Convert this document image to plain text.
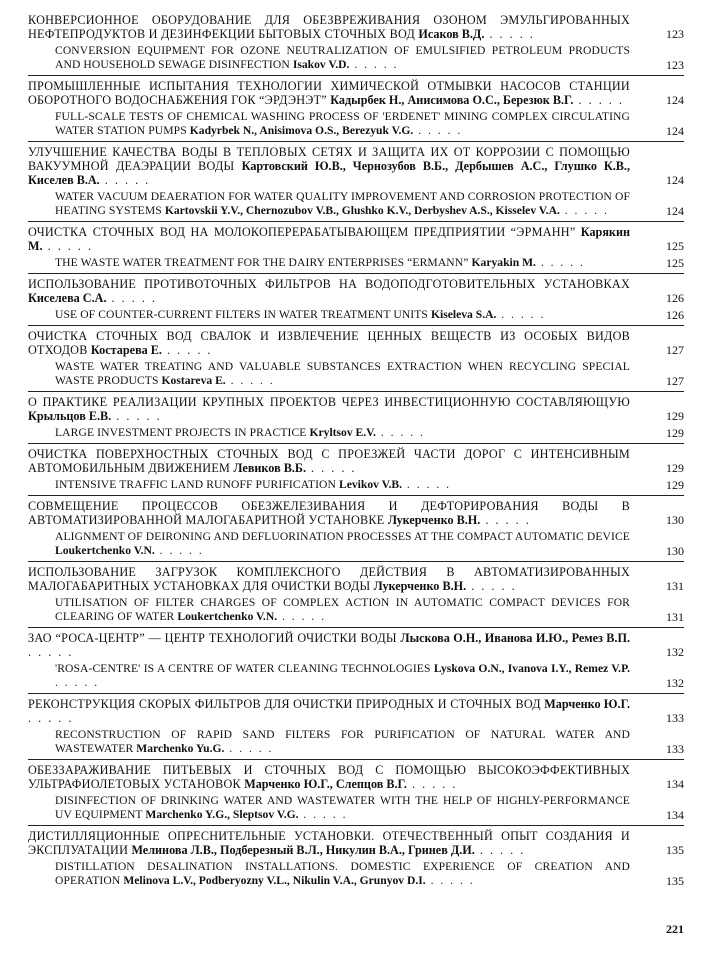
КОНВЕРСИОННОЕ ОБОРУДОВАНИЕ ДЛЯ ОБЕЗВРЕЖИВАНИЯ ОЗОНОМ ЭМУЛЬГИРОВАННЫХ НЕФТЕПРОДУКТОВ И ДЕЗИНФЕКЦИИ БЫТОВЫХ СТОЧНЫХ ВОД Исаков В.Д. . . . . .	123
CONVERSION EQUIPMENT FOR OZONE NEUTRALIZATION OF EMULSIFIED PETROLEUM PRODUCTS AND HOUSEHOLD SEWAGE DISINFECTION Isakov V.D. . . . . .	123
ПРОМЫШЛЕННЫЕ ИСПЫТАНИЯ ТЕХНОЛОГИИ ХИМИЧЕСКОЙ ОТМЫВКИ НАСОСОВ СТАНЦИИ ОБОРОТНОГО ВОДОСНАБЖЕНИЯ ГОК “ЭРДЭНЭТ” Кадырбек Н., Анисимова О.С., Березюк В.Г. . . . . .	124
FULL-SCALE TESTS OF CHEMICAL WASHING PROCESS OF 'ERDENET' MINING COMPLEX CIRCULATING WATER STATION PUMPS Kadyrbek N., Anisimova O.S., Berezyuk V.G. . . . . .	124
УЛУЧШЕНИЕ КАЧЕСТВА ВОДЫ В ТЕПЛОВЫХ СЕТЯХ И ЗАЩИТА ИХ ОТ КОРРОЗИИ С ПОМОЩЬЮ ВАКУУМНОЙ ДЕАЭРАЦИИ ВОДЫ Картовский Ю.В., Чернозубов В.Б., Дербышев А.С., Глушко К.В., Киселев В.А. . . . . .	124
WATER VACUUM DEAERATION FOR WATER QUALITY IMPROVEMENT AND CORROSION PROTECTION OF HEATING SYSTEMS Kartovskii Y.V., Chernozubov V.B., Glushko K.V., Derbyshev A.S., Kisselev V.A. . . . . .	124
ОЧИСТКА СТОЧНЫХ ВОД НА МОЛОКОПЕРЕРАБАТЫВАЮЩЕМ ПРЕДПРИЯТИИ “ЭРМАНН” Карякин М. . . . . .	125
THE WASTE WATER TREATMENT FOR THE DAIRY ENTERPRISES “ERMANN” Karyakin M. . . . . .	125
ИСПОЛЬЗОВАНИЕ ПРОТИВОТОЧНЫХ ФИЛЬТРОВ НА ВОДОПОДГОТОВИТЕЛЬНЫХ УСТАНОВКАХ Киселева С.А. . . . . .	126
USE OF COUNTER-CURRENT FILTERS IN WATER TREATMENT UNITS Kiseleva S.A. . . . . .	126
ОЧИСТКА СТОЧНЫХ ВОД СВАЛОК И ИЗВЛЕЧЕНИЕ ЦЕННЫХ ВЕЩЕСТВ ИЗ ОСОБЫХ ВИДОВ ОТХОДОВ Костарева Е. . . . . .	127
WASTE WATER TREATING AND VALUABLE SUBSTANCES EXTRACTION WHEN RECYCLING SPECIAL WASTE PRODUCTS Kostareva E. . . . . .	127
О ПРАКТИКЕ РЕАЛИЗАЦИИ КРУПНЫХ ПРОЕКТОВ ЧЕРЕЗ ИНВЕСТИЦИОННУЮ СОСТАВЛЯЮЩУЮ Крыльцов Е.В. . . . . .	129
LARGE INVESTMENT PROJECTS IN PRACTICE Kryltsov E.V. . . . . .	129
ОЧИСТКА ПОВЕРХНОСТНЫХ СТОЧНЫХ ВОД С ПРОЕЗЖЕЙ ЧАСТИ ДОРОГ С ИНТЕНСИВНЫМ АВТОМОБИЛЬНЫМ ДВИЖЕНИЕМ Левиков В.Б. . . . . .	129
INTENSIVE TRAFFIC LAND RUNOFF PURIFICATION Levikov V.B. . . . . .	129
СОВМЕЩЕНИЕ ПРОЦЕССОВ ОБЕЗЖЕЛЕЗИВАНИЯ И ДЕФТОРИРОВАНИЯ ВОДЫ В АВТОМАТИЗИРОВАННОЙ МАЛОГАБАРИТНОЙ УСТАНОВКЕ Лукерченко В.Н. . . . . .	130
ALIGNMENT OF DEIRONING AND DEFLUORINATION PROCESSES AT THE COMPACT AUTOMATIC DEVICE Loukertchenko V.N. . . . . .	130
ИСПОЛЬЗОВАНИЕ ЗАГРУЗОК КОМПЛЕКСНОГО ДЕЙСТВИЯ В АВТОМАТИЗИРОВАННЫХ МАЛОГАБАРИТНЫХ УСТАНОВКАХ ДЛЯ ОЧИСТКИ ВОДЫ Лукерченко В.Н. . . . . .	131
UTILISATION OF FILTER CHARGES OF COMPLEX ACTION IN AUTOMATIC COMPACT DEVICES FOR CLEARING OF WATER Loukertchenko V.N. . . . . .	131
ЗАО “РОСА-ЦЕНТР” — ЦЕНТР ТЕХНОЛОГИЙ ОЧИСТКИ ВОДЫ Лыскова О.Н., Иванова И.Ю., Ремез В.П. . . . . .	132
'ROSA-CENTRE' IS A CENTRE OF WATER CLEANING TECHNOLOGIES Lyskova O.N., Ivanova I.Y., Remez V.P. . . . . .	132
РЕКОНСТРУКЦИЯ СКОРЫХ ФИЛЬТРОВ ДЛЯ ОЧИСТКИ ПРИРОДНЫХ И СТОЧНЫХ ВОД Марченко Ю.Г. . . . . .	133
RECONSTRUCTION OF RAPID SAND FILTERS FOR PURIFICATION OF NATURAL WATER AND WASTEWATER Marchenko Yu.G. . . . . .	133
ОБЕЗЗАРАЖИВАНИЕ ПИТЬЕВЫХ И СТОЧНЫХ ВОД С ПОМОЩЬЮ ВЫСОКОЭФФЕКТИВНЫХ УЛЬТРАФИОЛЕТОВЫХ УСТАНОВОК Марченко Ю.Г., Слепцов В.Г. . . . . .	134
DISINFECTION OF DRINKING WATER AND WASTEWATER WITH THE HELP OF HIGHLY-PERFORMANCE UV EQUIPMENT Marchenko Y.G., Sleptsov V.G. . . . . .	134
ДИСТИЛЛЯЦИОННЫЕ ОПРЕСНИТЕЛЬНЫЕ УСТАНОВКИ. ОТЕЧЕСТВЕННЫЙ ОПЫТ СОЗДАНИЯ И ЭКСПЛУАТАЦИИ Мелинова Л.В., Подберезный В.Л., Никулин В.А., Гринев Д.И. . . . . .	135
DISTILLATION DESALINATION INSTALLATIONS. DOMESTIC EXPERIENCE OF CREATION AND OPERATION Melinova L.V., Podberyozny V.L., Nikulin V.A., Grunyov D.I. . . . . .	135
221
